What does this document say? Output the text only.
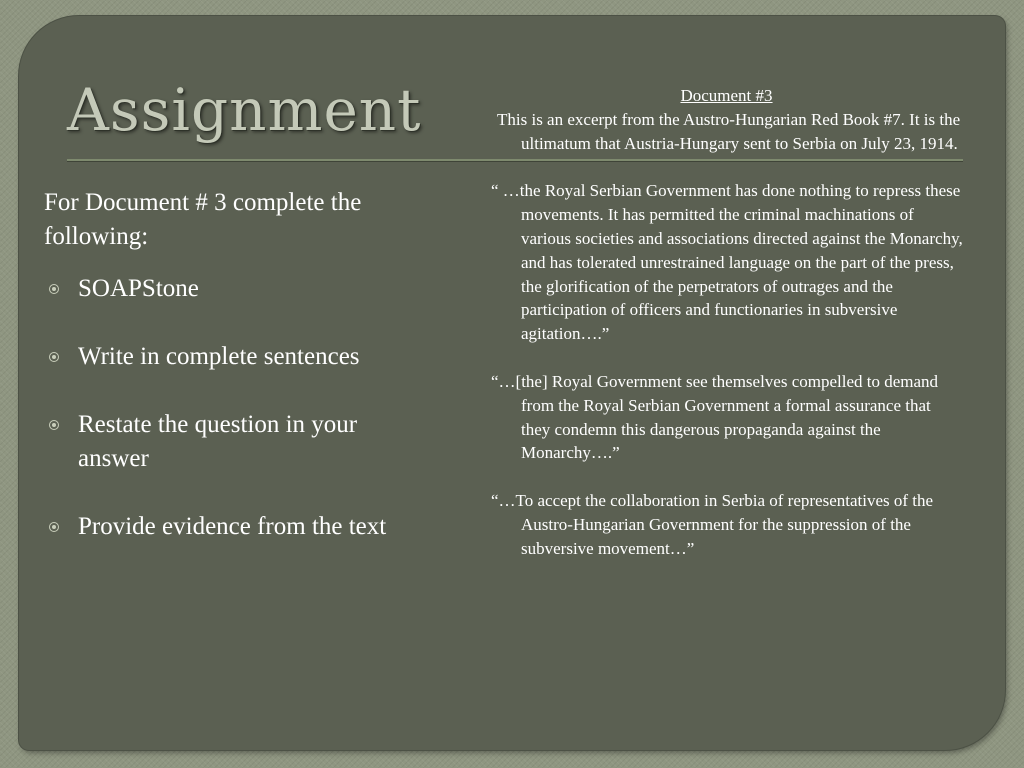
Assignment

For Document # 3 complete the following:

SOAPStone
Write in complete sentences
Restate the question in your answer
Provide evidence from the text

Document #3

This is an excerpt from the Austro-Hungarian Red Book #7. It is the ultimatum that Austria-Hungary sent to Serbia on July 23, 1914.

“ …the Royal Serbian Government has done nothing to repress these movements. It has permitted the criminal machinations of various societies and associations directed against the Monarchy, and has tolerated unrestrained language on the part of the press, the glorification of the perpetrators of outrages and the participation of officers and functionaries in subversive agitation….”

“…[the] Royal Government see themselves compelled to demand from the Royal Serbian Government a formal assurance that they condemn this dangerous propaganda against the Monarchy….”

“…To accept the collaboration in Serbia of representatives of the Austro-Hungarian Government for the suppression of the subversive movement…”
